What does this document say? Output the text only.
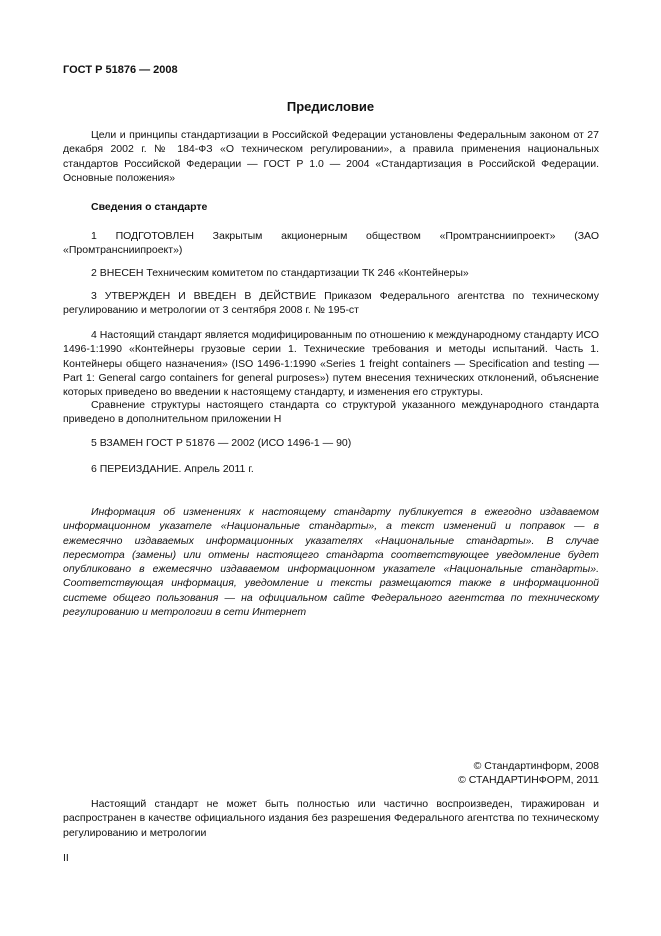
ГОСТ Р 51876 — 2008
Предисловие

Цели и принципы стандартизации в Российской Федерации установлены Федеральным законом от 27 декабря 2002 г. № 184-ФЗ «О техническом регулировании», а правила применения национальных стандартов Российской Федерации — ГОСТ Р 1.0 — 2004 «Стандартизация в Российской Федерации. Основные положения»

Сведения о стандарте

1 ПОДГОТОВЛЕН Закрытым акционерным обществом «Промтрансниипроект» (ЗАО «Промтрансниипроект»)

2 ВНЕСЕН Техническим комитетом по стандартизации ТК 246 «Контейнеры»

3 УТВЕРЖДЕН И ВВЕДЕН В ДЕЙСТВИЕ Приказом Федерального агентства по техническому регулированию и метрологии от 3 сентября 2008 г. № 195-ст

4 Настоящий стандарт является модифицированным по отношению к международному стандарту ИСО 1496-1:1990 «Контейнеры грузовые серии 1. Технические требования и методы испытаний. Часть 1. Контейнеры общего назначения» (ISO 1496-1:1990 «Series 1 freight containers — Specification and testing — Part 1: General cargo containers for general purposes») путем внесения технических отклонений, объяснение которых приведено во введении к настоящему стандарту, и изменения его структуры.

Сравнение структуры настоящего стандарта со структурой указанного международного стандарта приведено в дополнительном приложении Н

5 ВЗАМЕН ГОСТ Р 51876 — 2002 (ИСО 1496-1 — 90)

6 ПЕРЕИЗДАНИЕ. Апрель 2011 г.

Информация об изменениях к настоящему стандарту публикуется в ежегодно издаваемом информационном указателе «Национальные стандарты», а текст изменений и поправок — в ежемесячно издаваемых информационных указателях «Национальные стандарты». В случае пересмотра (замены) или отмены настоящего стандарта соответствующее уведомление будет опубликовано в ежемесячно издаваемом информационном указателе «Национальные стандарты». Соответствующая информация, уведомление и тексты размещаются также в информационной системе общего пользования — на официальном сайте Федерального агентства по техническому регулированию и метрологии в сети Интернет

© Стандартинформ, 2008
© СТАНДАРТИНФОРМ, 2011

Настоящий стандарт не может быть полностью или частично воспроизведен, тиражирован и распространен в качестве официального издания без разрешения Федерального агентства по техническому регулированию и метрологии

II
